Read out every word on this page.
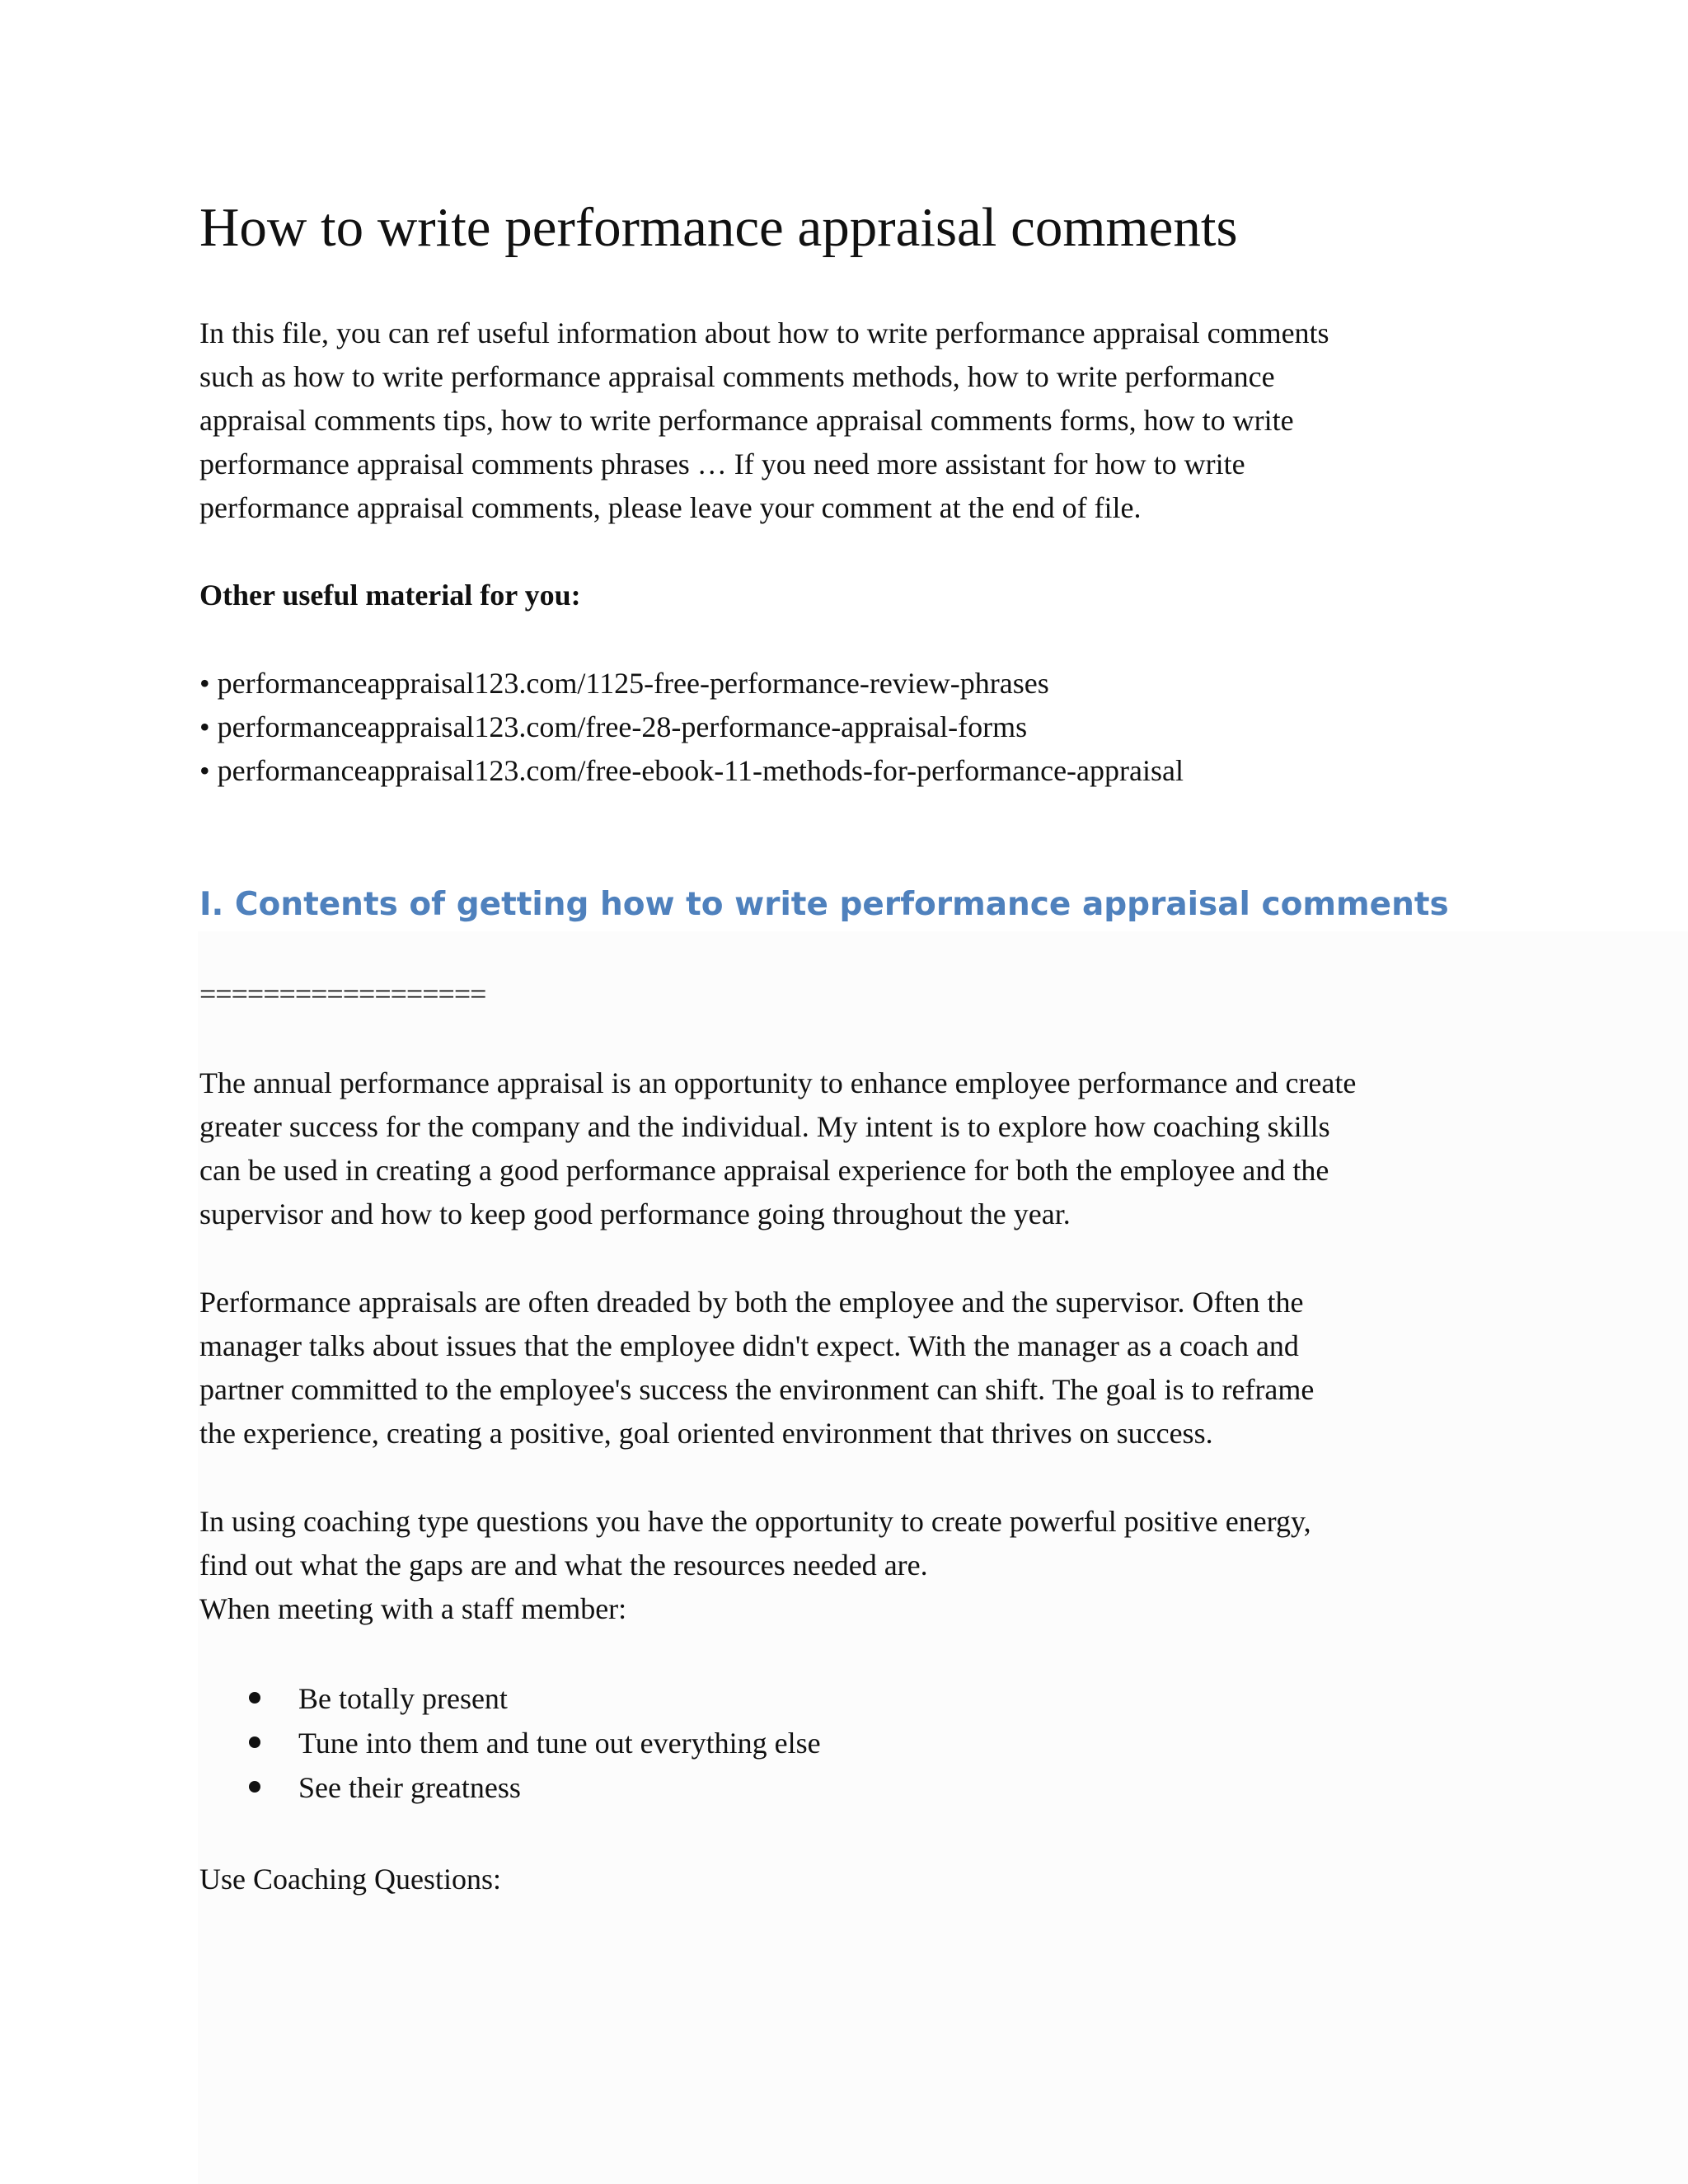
How to write performance appraisal comments

In this file, you can ref useful information about how to write performance appraisal comments
such as how to write performance appraisal comments methods, how to write performance
appraisal comments tips, how to write performance appraisal comments forms, how to write
performance appraisal comments phrases … If you need more assistant for how to write
performance appraisal comments, please leave your comment at the end of file.

Other useful material for you:

• performanceappraisal123.com/1125-free-performance-review-phrases
• performanceappraisal123.com/free-28-performance-appraisal-forms
• performanceappraisal123.com/free-ebook-11-methods-for-performance-appraisal
I. Contents of getting how to write performance appraisal comments

==================

The annual performance appraisal is an opportunity to enhance employee performance and create
greater success for the company and the individual. My intent is to explore how coaching skills
can be used in creating a good performance appraisal experience for both the employee and the
supervisor and how to keep good performance going throughout the year.

Performance appraisals are often dreaded by both the employee and the supervisor. Often the
manager talks about issues that the employee didn't expect. With the manager as a coach and
partner committed to the employee's success the environment can shift. The goal is to reframe
the experience, creating a positive, goal oriented environment that thrives on success.

In using coaching type questions you have the opportunity to create powerful positive energy,
find out what the gaps are and what the resources needed are.
When meeting with a staff member:

Be totally present
Tune into them and tune out everything else
See their greatness

Use Coaching Questions:
